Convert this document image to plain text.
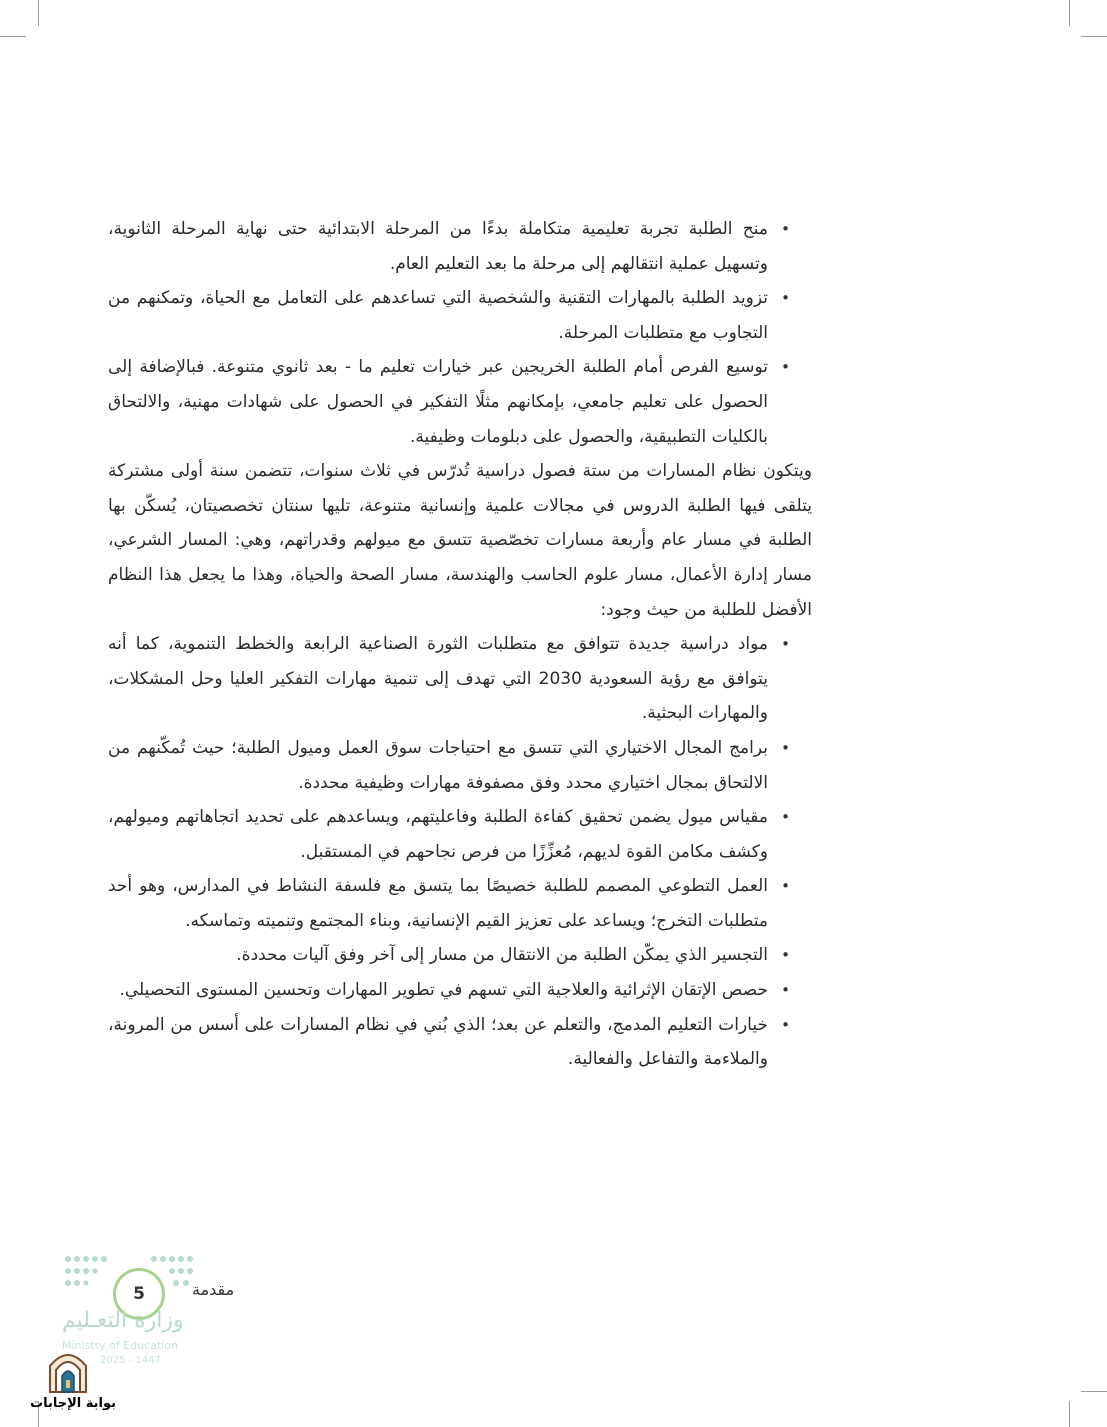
•
منح الطلبة تجربة تعليمية متكاملة بدءًا من المرحلة الابتدائية حتى نهاية المرحلة الثانوية، وتسهيل عملية انتقالهم إلى مرحلة ما بعد التعليم العام.
•
تزويد الطلبة بالمهارات التقنية والشخصية التي تساعدهم على التعامل مع الحياة، وتمكنهم من التجاوب مع متطلبات المرحلة.
•
توسيع الفرص أمام الطلبة الخريجين عبر خيارات تعليم ما - بعد ثانوي متنوعة. فبالإضافة إلى الحصول على تعليم جامعي، بإمكانهم مثلًا التفكير في الحصول على شهادات مهنية، والالتحاق بالكليات التطبيقية، والحصول على دبلومات وظيفية.

ويتكون نظام المسارات من ستة فصول دراسية تُدرّس في ثلاث سنوات، تتضمن سنة أولى مشتركة يتلقى فيها الطلبة الدروس في مجالات علمية وإنسانية متنوعة، تليها سنتان تخصصيتان، يُسكّن بها الطلبة في مسار عام وأربعة مسارات تخصّصية تتسق مع ميولهم وقدراتهم، وهي: المسار الشرعي، مسار إدارة الأعمال، مسار علوم الحاسب والهندسة، مسار الصحة والحياة، وهذا ما يجعل هذا النظام الأفضل للطلبة من حيث وجود:

•
مواد دراسية جديدة تتوافق مع متطلبات الثورة الصناعية الرابعة والخطط التنموية، كما أنه يتوافق مع رؤية السعودية 2030 التي تهدف إلى تنمية مهارات التفكير العليا وحل المشكلات، والمهارات البحثية.
•
برامج المجال الاختياري التي تتسق مع احتياجات سوق العمل وميول الطلبة؛ حيث تُمكّنهم من الالتحاق بمجال اختياري محدد وفق مصفوفة مهارات وظيفية محددة.
•
مقياس ميول يضمن تحقيق كفاءة الطلبة وفاعليتهم، ويساعدهم على تحديد اتجاهاتهم وميولهم، وكشف مكامن القوة لديهم، مُعزِّزًا من فرص نجاحهم في المستقبل.
•
العمل التطوعي المصمم للطلبة خصيصًا بما يتسق مع فلسفة النشاط في المدارس، وهو أحد متطلبات التخرج؛ ويساعد على تعزيز القيم الإنسانية، وبناء المجتمع وتنميته وتماسكه.
•
التجسير الذي يمكّن الطلبة من الانتقال من مسار إلى آخر وفق آليات محددة.
•
حصص الإتقان الإثرائية والعلاجية التي تسهم في تطوير المهارات وتحسين المستوى التحصيلي.
•
خيارات التعليم المدمج، والتعلم عن بعد؛ الذي بُني في نظام المسارات على أسس من المرونة، والملاءمة والتفاعل والفعالية.
5	مقدمة
وزارة التعـليم
Ministry of Education
2025 - 1447
بوابة الإجابات
